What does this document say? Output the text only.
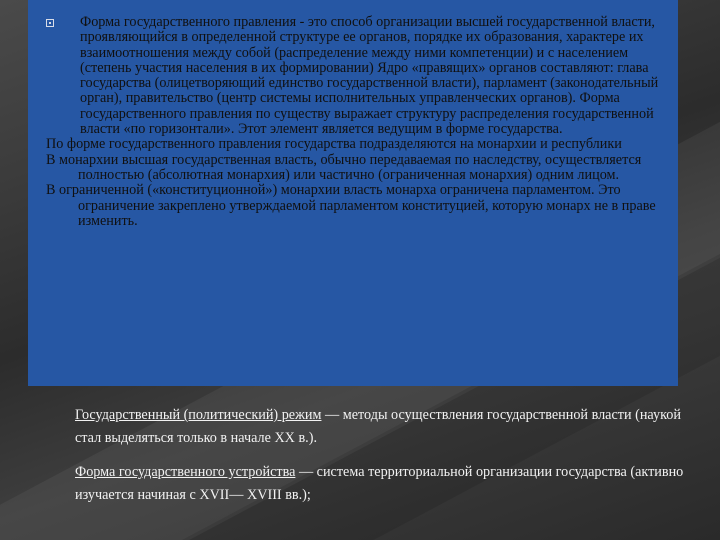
Форма государственного правления - это способ организации высшей государственной власти, проявляющийся в определенной структуре ее органов, порядке их образования, характере их взаимоотношения между собой (распределение между ними компетенции) и с населением (степень участия населения в их формировании) Ядро «правящих» органов составляют: глава государства (олицетворяющий единство государственной власти), парламент (законодательный орган), правительство (центр системы исполнительных управленческих органов). Форма государственного правления по существу выражает структуру распределения государственной власти «по горизонтали». Этот элемент является ведущим в форме государства.

По форме государственного правления государства подразделяются на монархии и республики

В монархии высшая государственная власть, обычно передаваемая по наследству, осуществляется полностью (абсолютная монархия) или частично (ограниченная монархия) одним лицом.

В ограниченной («конституционной») монархии власть монарха ограничена парламентом. Это ограничение закреплено утверждаемой парламентом конституцией, которую монарх не в праве изменить.

Государственный (политический) режим — методы осуществления государственной власти (наукой стал выделяться только в начале XX в.).

Форма государственного устройства — система территориальной организации государства (активно изучается начиная с XVII— XVIII вв.);
